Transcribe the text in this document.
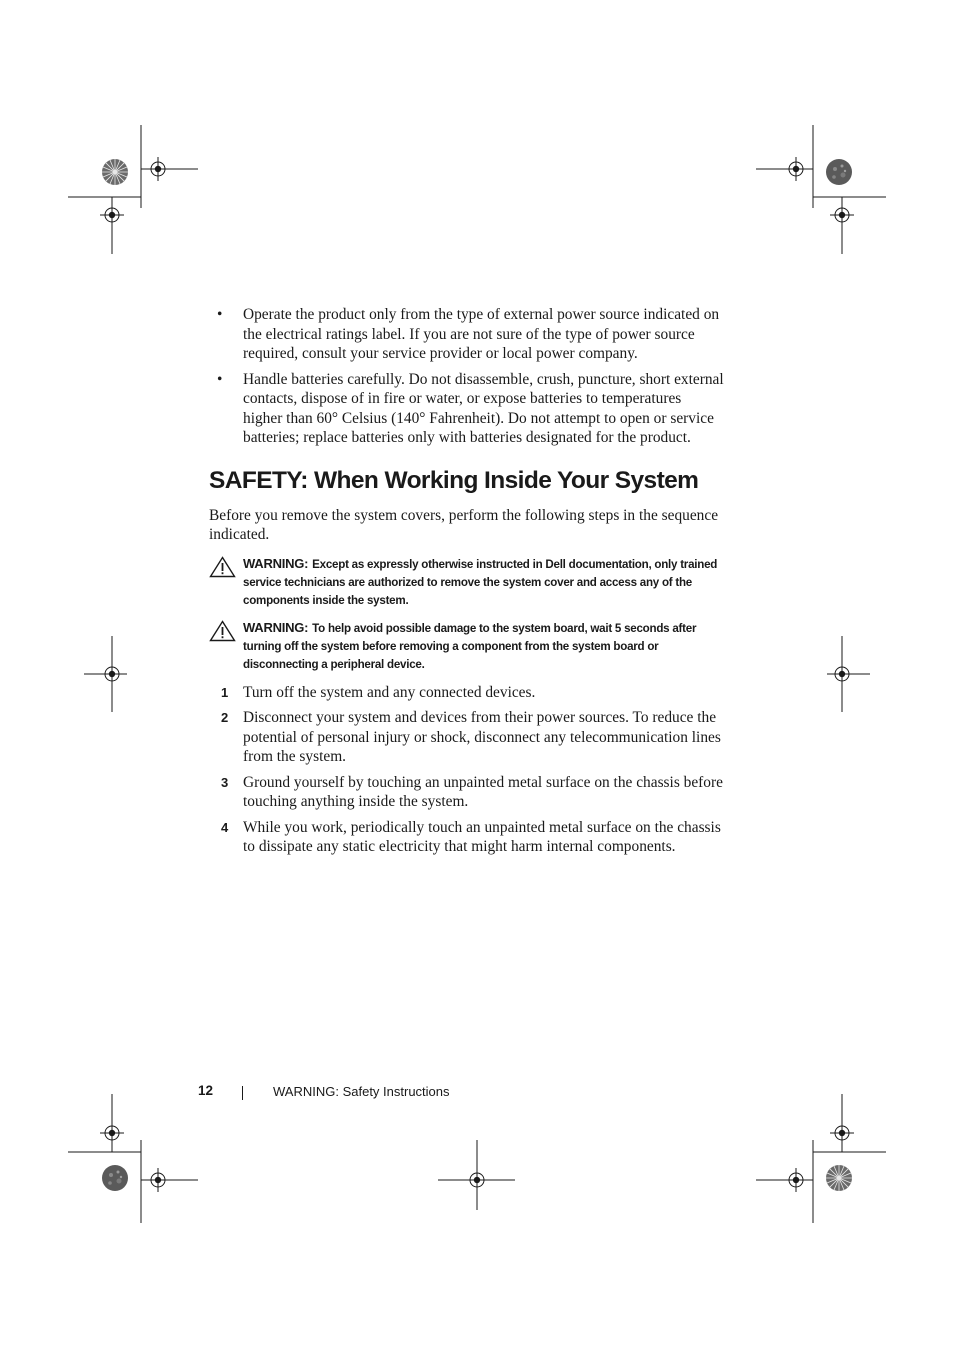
• Operate the product only from the type of external power source indicated on the electrical ratings label. If you are not sure of the type of power source required, consult your service provider or local power company.
• Handle batteries carefully. Do not disassemble, crush, puncture, short external contacts, dispose of in fire or water, or expose batteries to temperatures higher than 60° Celsius (140° Fahrenheit). Do not attempt to open or service batteries; replace batteries only with batteries designated for the product.
SAFETY: When Working Inside Your System

Before you remove the system covers, perform the following steps in the sequence indicated.

WARNING: Except as expressly otherwise instructed in Dell documentation, only trained service technicians are authorized to remove the system cover and access any of the components inside the system.
WARNING: To help avoid possible damage to the system board, wait 5 seconds after turning off the system before removing a component from the system board or disconnecting a peripheral device.
1 Turn off the system and any connected devices.
2 Disconnect your system and devices from their power sources. To reduce the potential of personal injury or shock, disconnect any telecommunication lines from the system.
3 Ground yourself by touching an unpainted metal surface on the chassis before touching anything inside the system.
4 While you work, periodically touch an unpainted metal surface on the chassis to dissipate any static electricity that might harm internal components.
12	WARNING: Safety Instructions
